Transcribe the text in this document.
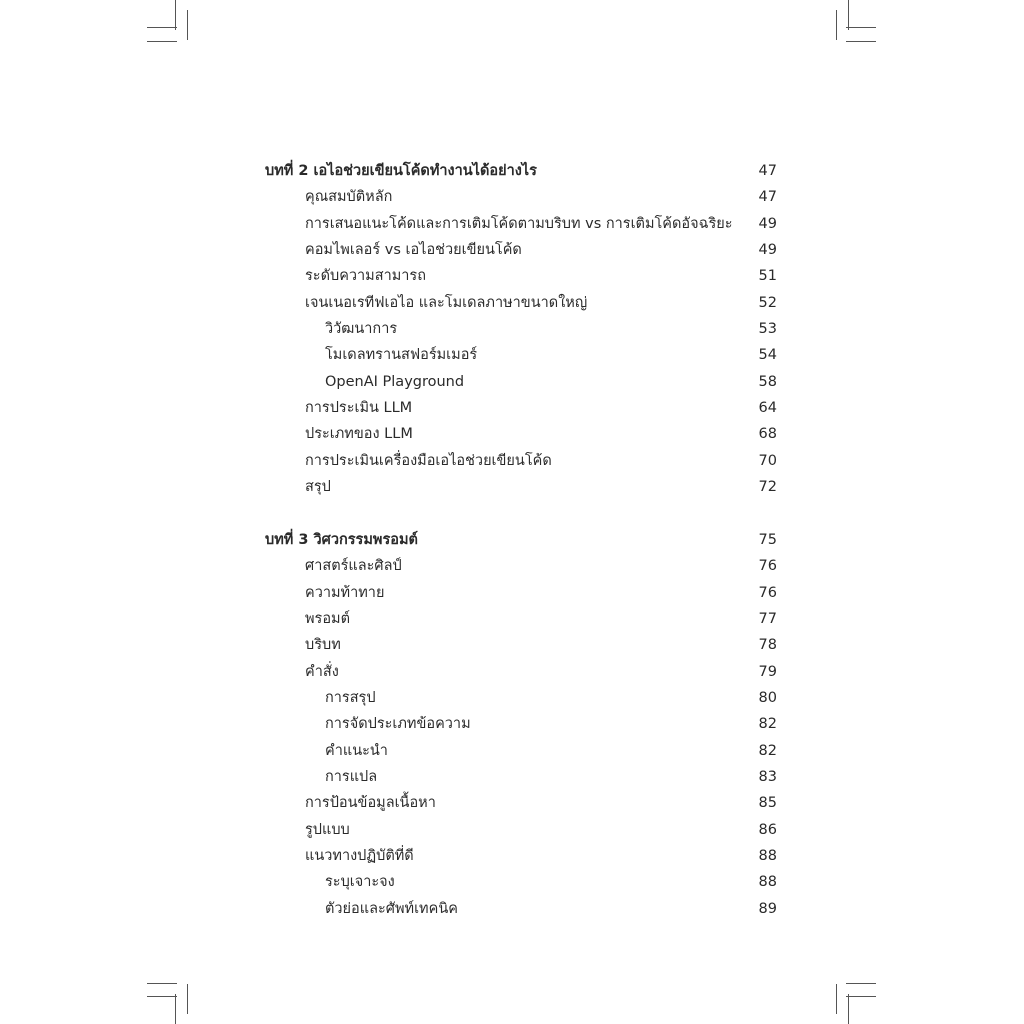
บทที่ 2 เอไอช่วยเขียนโค้ดทำงานได้อย่างไร	47
คุณสมบัติหลัก	47
การเสนอแนะโค้ดและการเติมโค้ดตามบริบท vs การเติมโค้ดอัจฉริยะ 49
คอมไพเลอร์ vs เอไอช่วยเขียนโค้ด	49
ระดับความสามารถ	51
เจนเนอเรทีฟเอไอ และโมเดลภาษาขนาดใหญ่	52
วิวัฒนาการ	53
โมเดลทรานสฟอร์มเมอร์	54
OpenAI Playground	58
การประเมิน LLM	64
ประเภทของ LLM	68
การประเมินเครื่องมือเอไอช่วยเขียนโค้ด	70
สรุป	72
บทที่ 3 วิศวกรรมพรอมต์	75
ศาสตร์และศิลป์	76
ความท้าทาย	76
พรอมต์	77
บริบท	78
คำสั่ง	79
การสรุป	80
การจัดประเภทข้อความ	82
คำแนะนำ	82
การแปล	83
การป้อนข้อมูลเนื้อหา	85
รูปแบบ	86
แนวทางปฏิบัติที่ดี	88
ระบุเจาะจง	88
ตัวย่อและศัพท์เทคนิค	89
